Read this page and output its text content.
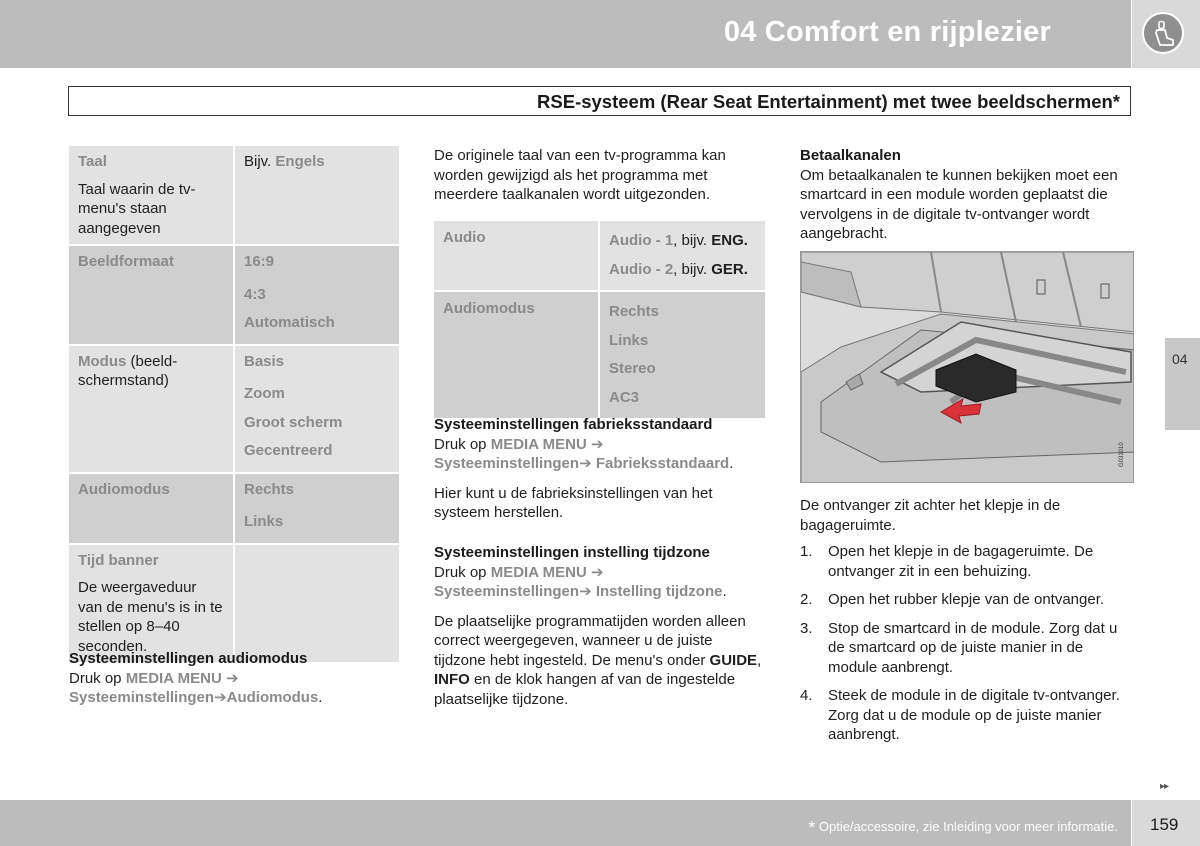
04 Comfort en rijplezier
RSE-systeem (Rear Seat Entertainment) met twee beeldschermen*
Taal
Taal waarin de tv-menu's staan aangegeven	Bijv. Engels
Beeldformaat	16:9
4:3
Automatisch

Modus (beeld-schermstand)	Basis
Zoom
Groot scherm
Gecentreerd

Audiomodus	Rechts
Links

Tijd banner
De weergaveduur van de menu's is in te stellen op 8–40 seconden.	

Systeeminstellingen audiomodus
Druk op MEDIA MENU ➔
Systeeminstellingen➔Audiomodus.
De originele taal van een tv-programma kan worden gewijzigd als het programma met meerdere taalkanalen wordt uitgezonden.
Audio	Audio - 1, bijv. ENG.
Audio - 2, bijv. GER.

Audiomodus	Rechts
Links
Stereo
AC3
Systeeminstellingen fabrieksstandaard
Druk op MEDIA MENU ➔
Systeeminstellingen➔ Fabrieksstandaard.
Hier kunt u de fabrieksinstellingen van het systeem herstellen.
Systeeminstellingen instelling tijdzone
Druk op MEDIA MENU ➔
Systeeminstellingen➔ Instelling tijdzone.
De plaatselijke programmatijden worden alleen correct weergegeven, wanneer u de juiste tijdzone hebt ingesteld. De menu's onder GUIDE, INFO en de klok hangen af van de ingestelde plaatselijke tijdzone.
Betaalkanalen
Om betaalkanalen te kunnen bekijken moet een smartcard in een module worden geplaatst die vervolgens in de digitale tv-ontvanger wordt aangebracht.
G031010
De ontvanger zit achter het klepje in de bagageruimte.
1. Open het klepje in de bagageruimte. De ontvanger zit in een behuizing.
2. Open het rubber klepje van de ontvanger.
3. Stop de smartcard in de module. Zorg dat u de smartcard op de juiste manier in de module aanbrengt.
4. Steek de module in de digitale tv-ontvanger. Zorg dat u de module op de juiste manier aanbrengt.
04
▸▸
* Optie/accessoire, zie Inleiding voor meer informatie. 159
